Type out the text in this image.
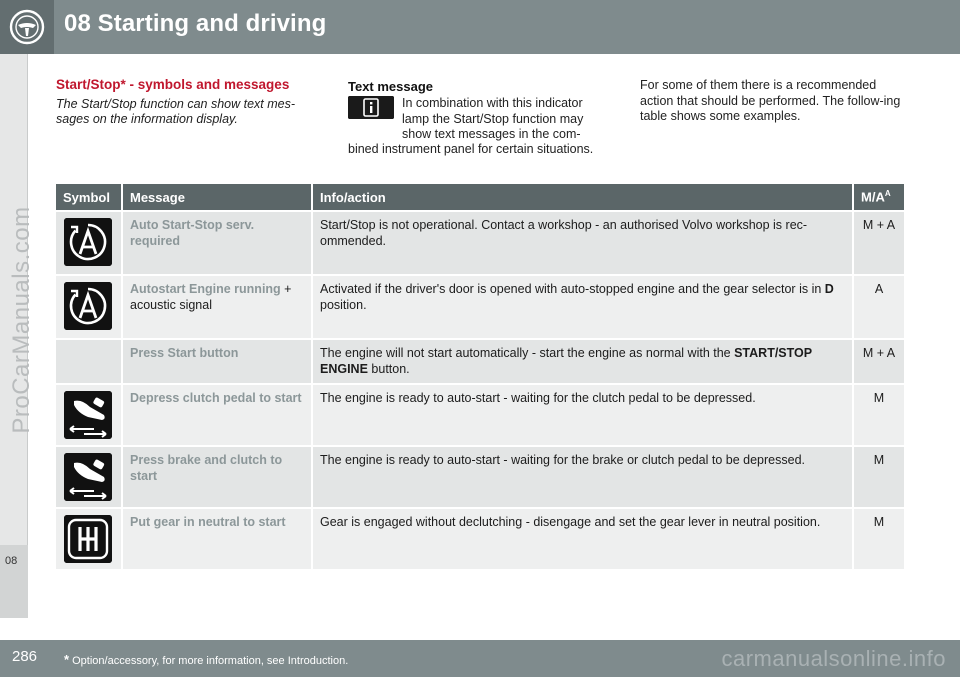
08 Starting and driving
08
ProCarManuals.com
Start/Stop* - symbols and messages
The Start/Stop function can show text mes-sages on the information display.
Text message
In combination with this indicator lamp the Start/Stop function may show text messages in the com-
bined instrument panel for certain situations.
For some of them there is a recommended action that should be performed. The follow-ing table shows some examples.
Symbol	Message	Info/action	$M/A^A$

	Auto Start-Stop serv. required	Start/Stop is not operational. Contact a workshop - an authorised Volvo workshop is rec-ommended.	M + A

	Autostart Engine running + acoustic signal	Activated if the driver's door is opened with auto-stopped engine and the gear selector is in D position.	A
	Press Start button	The engine will not start automatically - start the engine as normal with the START/STOP ENGINE button.	M + A

	Depress clutch pedal to start	The engine is ready to auto-start - waiting for the clutch pedal to be depressed.	M

	Press brake and clutch to start	The engine is ready to auto-start - waiting for the brake or clutch pedal to be depressed.	M

	Put gear in neutral to start	Gear is engaged without declutching - disengage and set the gear lever in neutral position.	M
286 * Option/accessory, for more information, see Introduction.	carmanualsonline.info
